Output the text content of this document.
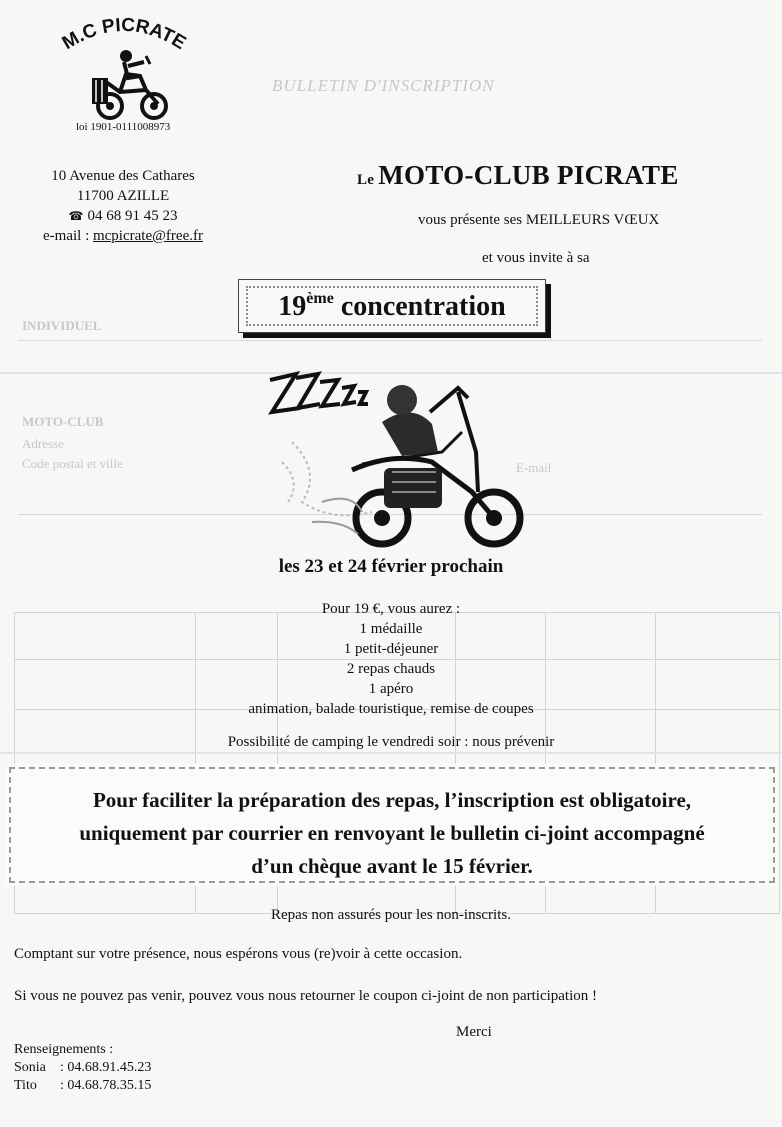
BULLETIN D'INSCRIPTION
INDIVIDUEL
MOTO-CLUB
Adresse
Code postal et ville	E-mail
M.C PICRATE
loi 1901-0111008973
10 Avenue des Cathares
11700 AZILLE
☎ 04 68 91 45 23
e-mail : mcpicrate@free.fr
Le MOTO-CLUB PICRATE
vous présente ses MEILLEURS VŒUX
et vous invite à sa
19ème concentration
les 23 et 24 février prochain
Pour 19 €, vous aurez :
1 médaille
1 petit-déjeuner
2 repas chauds
1 apéro
animation, balade touristique, remise de coupes
Possibilité de camping le vendredi soir : nous prévenir
Pour faciliter la préparation des repas, l’inscription est obligatoire,
uniquement par courrier en renvoyant le bulletin ci-joint accompagné
d’un chèque avant le 15 février.
Repas non assurés pour les non-inscrits.
Comptant sur votre présence, nous espérons vous (re)voir à cette occasion.
Si vous ne pouvez pas venir, pouvez vous nous retourner le coupon ci-joint de non participation !
Merci
Renseignements :
Sonia : 04.68.91.45.23
Tito : 04.68.78.35.15
